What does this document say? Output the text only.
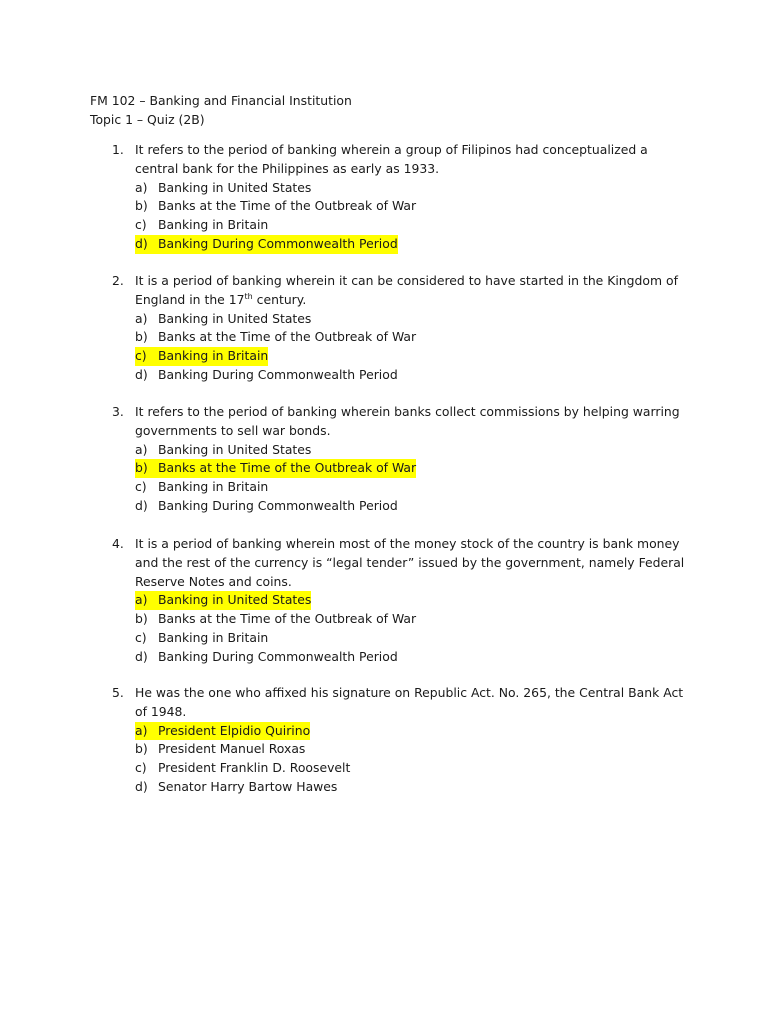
FM 102 – Banking and Financial Institution
Topic 1 – Quiz (2B)
1. It refers to the period of banking wherein a group of Filipinos had conceptualized a central bank for the Philippines as early as 1933.
a) Banking in United States
b) Banks at the Time of the Outbreak of War
c) Banking in Britain
d) Banking During Commonwealth Period
2. It is a period of banking wherein it can be considered to have started in the Kingdom of England in the 17th century.
a) Banking in United States
b) Banks at the Time of the Outbreak of War
c) Banking in Britain
d) Banking During Commonwealth Period
3. It refers to the period of banking wherein banks collect commissions by helping warring governments to sell war bonds.
a) Banking in United States
b) Banks at the Time of the Outbreak of War
c) Banking in Britain
d) Banking During Commonwealth Period
4. It is a period of banking wherein most of the money stock of the country is bank money and the rest of the currency is “legal tender” issued by the government, namely Federal Reserve Notes and coins.
a) Banking in United States
b) Banks at the Time of the Outbreak of War
c) Banking in Britain
d) Banking During Commonwealth Period
5. He was the one who affixed his signature on Republic Act. No. 265, the Central Bank Act of 1948.
a) President Elpidio Quirino
b) President Manuel Roxas
c) President Franklin D. Roosevelt
d) Senator Harry Bartow Hawes
